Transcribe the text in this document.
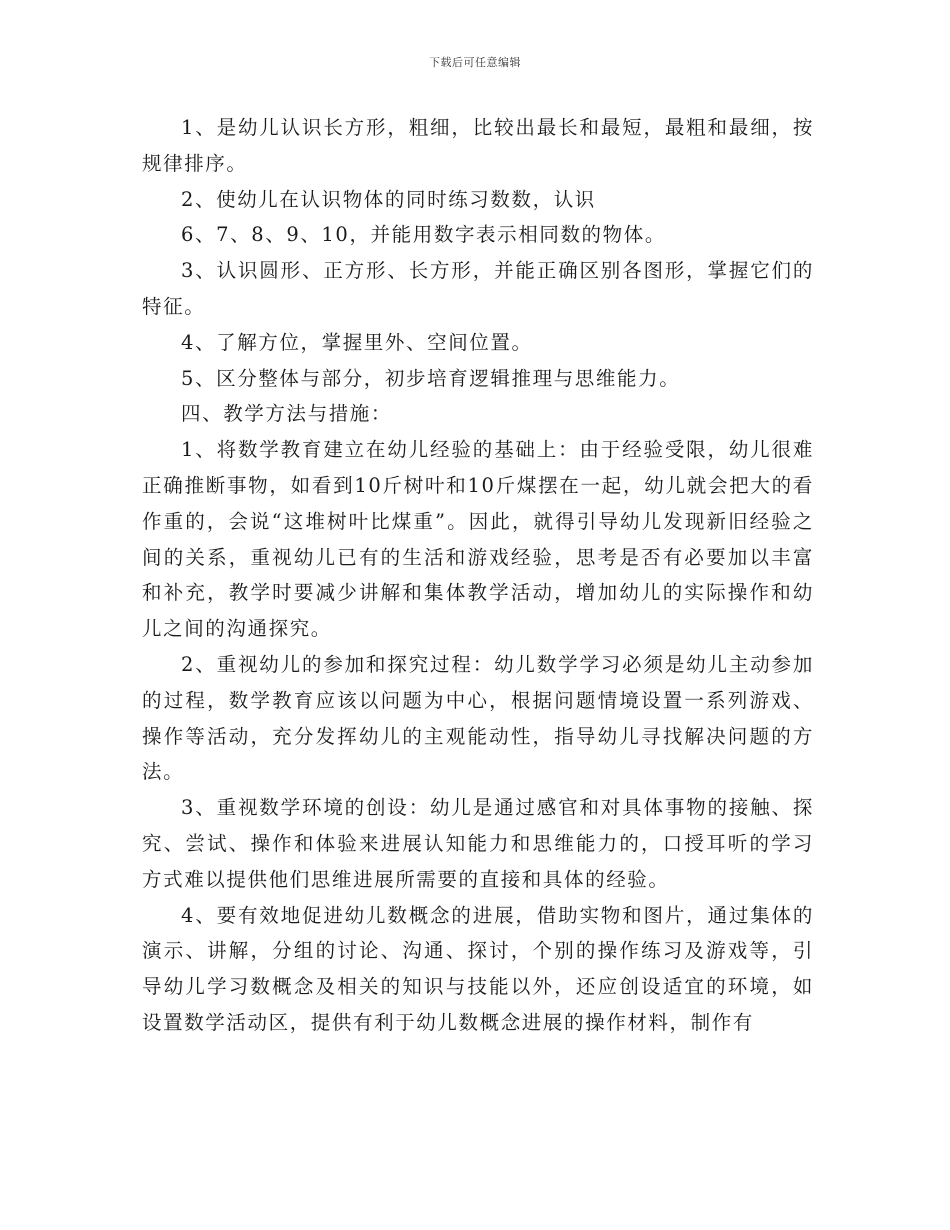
下载后可任意编辑

1、是幼儿认识长方形，粗细，比较出最长和最短，最粗和最细，按规律排序。

2、使幼儿在认识物体的同时练习数数，认识

6、7、8、9、10，并能用数字表示相同数的物体。

3、认识圆形、正方形、长方形，并能正确区别各图形，掌握它们的特征。

4、了解方位，掌握里外、空间位置。

5、区分整体与部分，初步培育逻辑推理与思维能力。

四、教学方法与措施：

1、将数学教育建立在幼儿经验的基础上：由于经验受限，幼儿很难正确推断事物，如看到10斤树叶和10斤煤摆在一起，幼儿就会把大的看作重的，会说“这堆树叶比煤重”。因此，就得引导幼儿发现新旧经验之间的关系，重视幼儿已有的生活和游戏经验，思考是否有必要加以丰富和补充，教学时要减少讲解和集体教学活动，增加幼儿的实际操作和幼儿之间的沟通探究。

2、重视幼儿的参加和探究过程：幼儿数学学习必须是幼儿主动参加的过程，数学教育应该以问题为中心，根据问题情境设置一系列游戏、操作等活动，充分发挥幼儿的主观能动性，指导幼儿寻找解决问题的方法。

3、重视数学环境的创设：幼儿是通过感官和对具体事物的接触、探究、尝试、操作和体验来进展认知能力和思维能力的，口授耳听的学习方式难以提供他们思维进展所需要的直接和具体的经验。

4、要有效地促进幼儿数概念的进展，借助实物和图片，通过集体的演示、讲解，分组的讨论、沟通、探讨，个别的操作练习及游戏等，引导幼儿学习数概念及相关的知识与技能以外，还应创设适宜的环境，如设置数学活动区，提供有利于幼儿数概念进展的操作材料，制作有
